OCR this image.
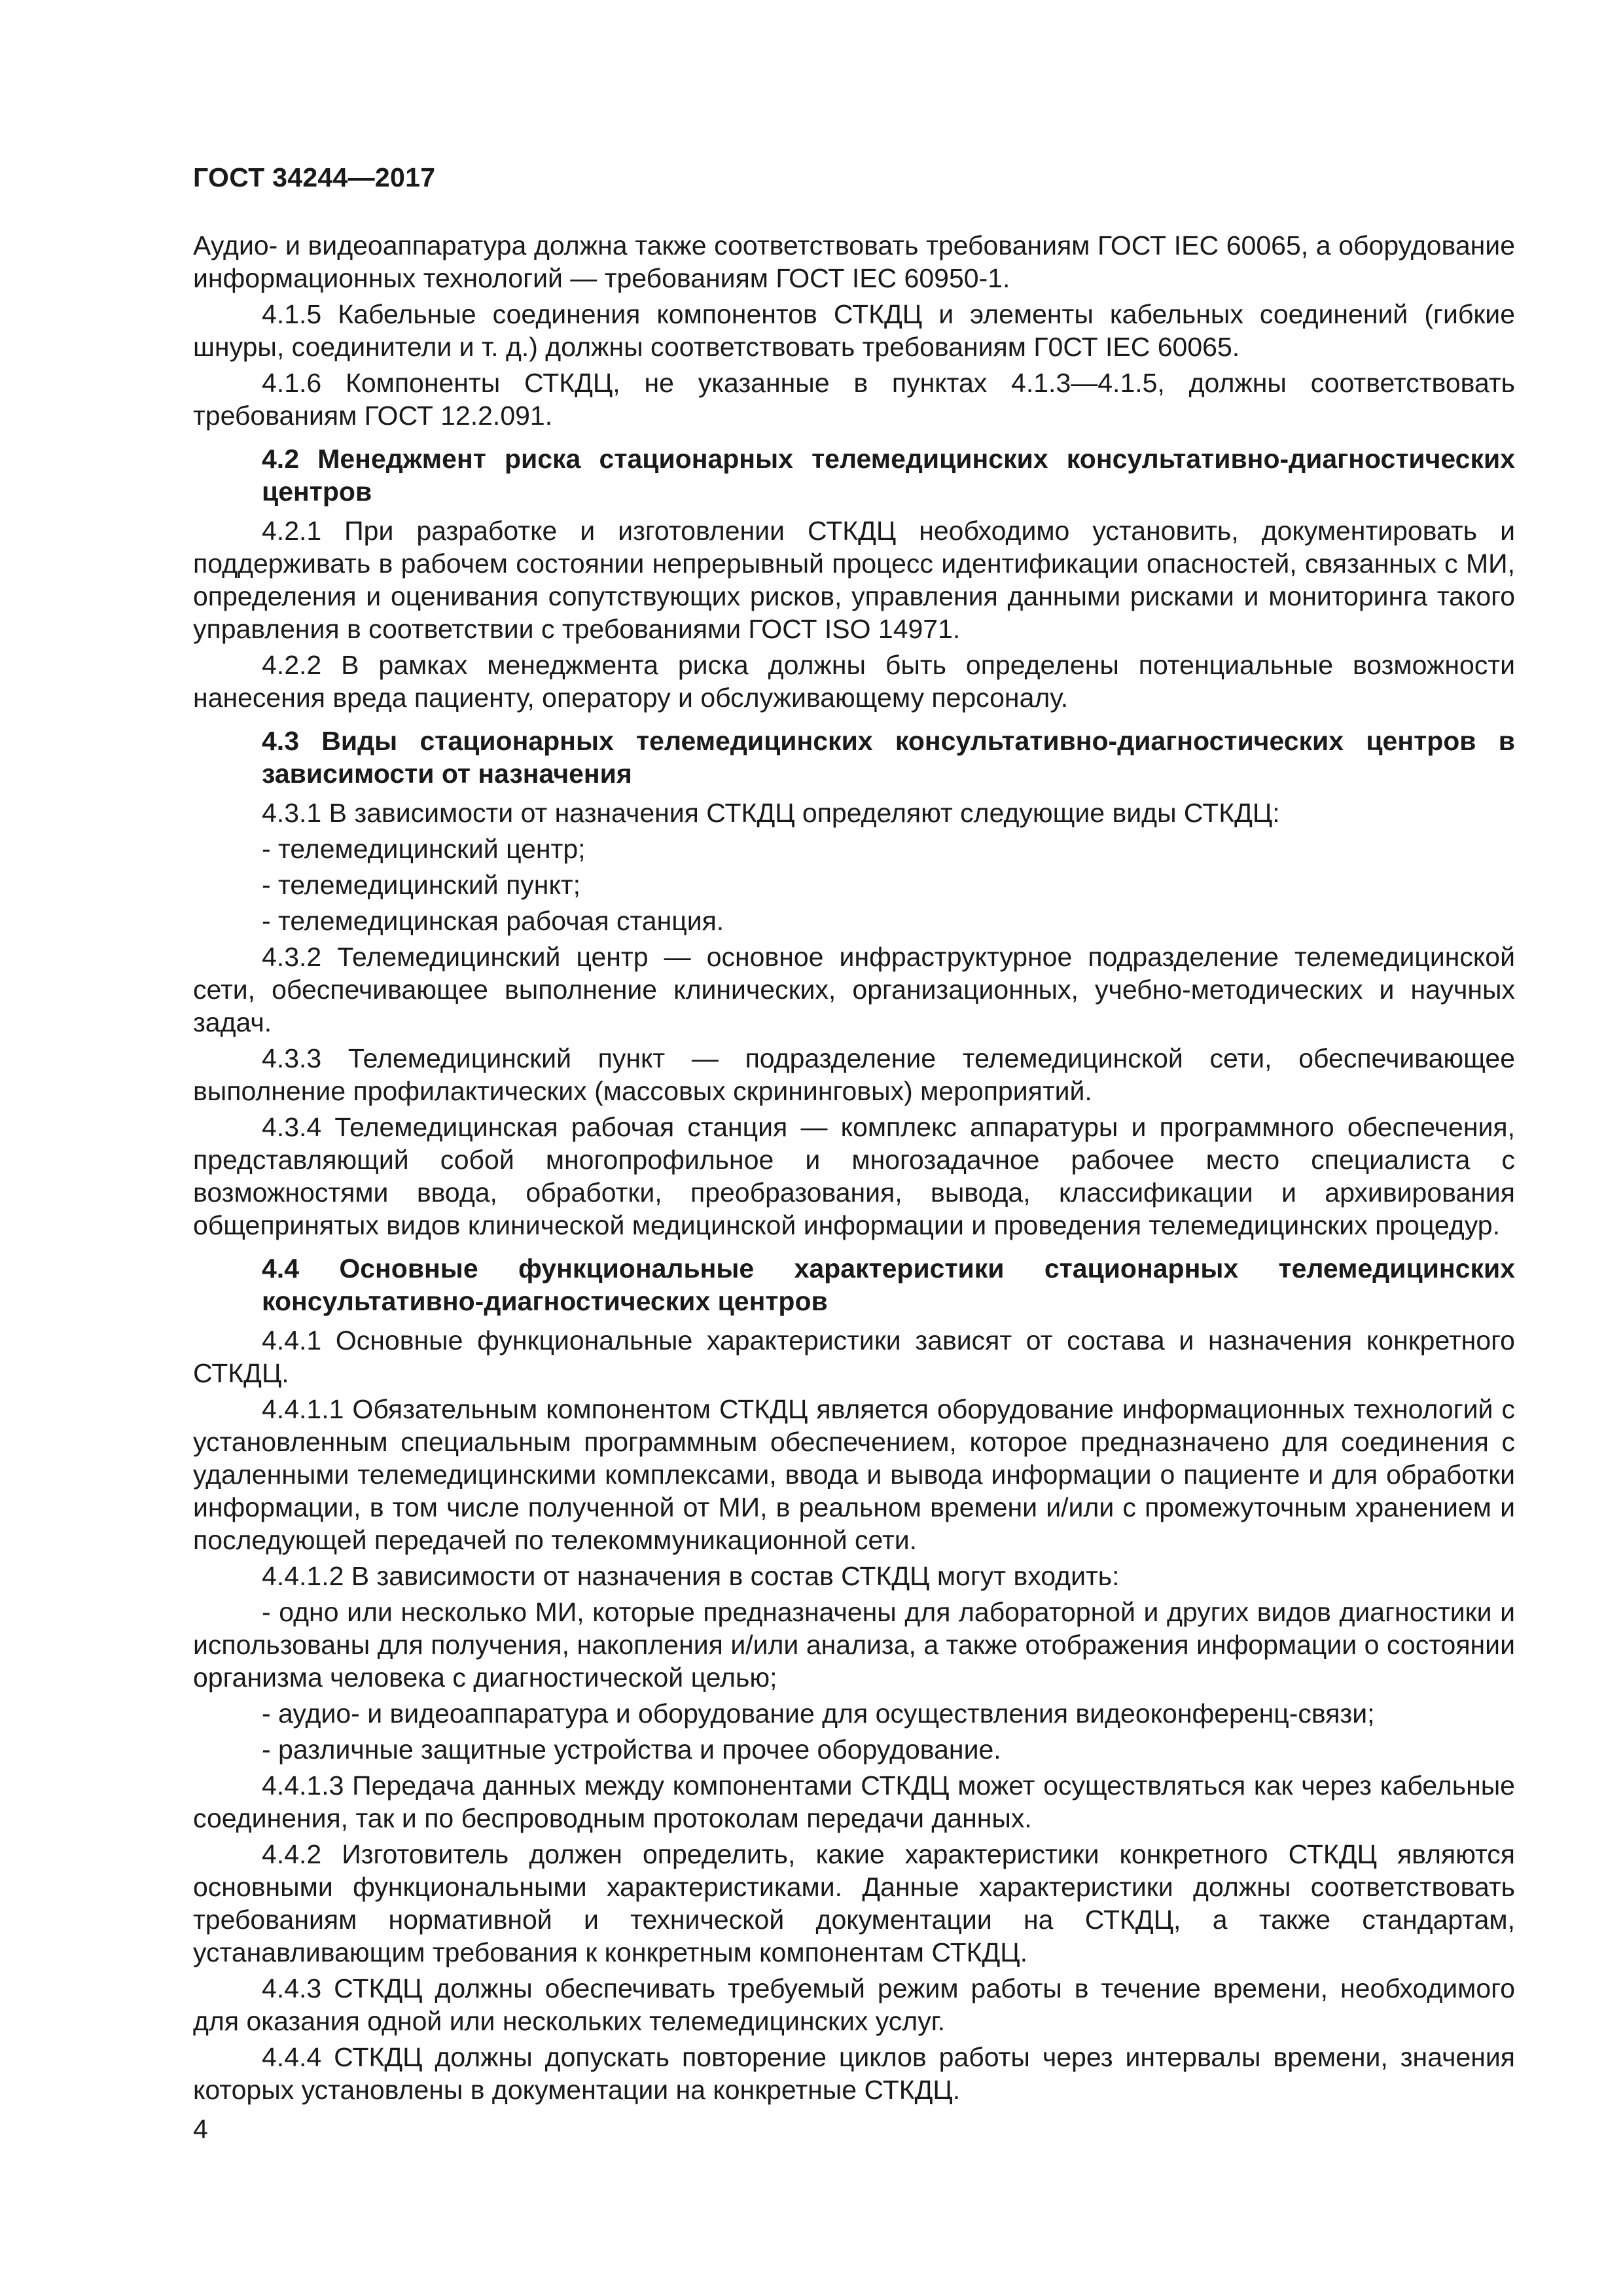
ГОСТ 34244—2017

Аудио- и видеоаппаратура должна также соответствовать требованиям ГОСТ IEC 60065, а оборудование информационных технологий — требованиям ГОСТ IEC 60950-1.

4.1.5 Кабельные соединения компонентов СТКДЦ и элементы кабельных соединений (гибкие шнуры, соединители и т. д.) должны соответствовать требованиям Г0СТ IEC 60065.

4.1.6 Компоненты СТКДЦ, не указанные в пунктах 4.1.3—4.1.5, должны соответствовать требованиям ГОСТ 12.2.091.

4.2 Менеджмент риска стационарных телемедицинских консультативно-диагностических центров

4.2.1 При разработке и изготовлении СТКДЦ необходимо установить, документировать и поддерживать в рабочем состоянии непрерывный процесс идентификации опасностей, связанных с МИ, определения и оценивания сопутствующих рисков, управления данными рисками и мониторинга такого управления в соответствии с требованиями ГОСТ ISO 14971.

4.2.2 В рамках менеджмента риска должны быть определены потенциальные возможности нанесения вреда пациенту, оператору и обслуживающему персоналу.

4.3 Виды стационарных телемедицинских консультативно-диагностических центров в зависимости от назначения

4.3.1 В зависимости от назначения СТКДЦ определяют следующие виды СТКДЦ:

- телемедицинский центр;

- телемедицинский пункт;

- телемедицинская рабочая станция.

4.3.2 Телемедицинский центр — основное инфраструктурное подразделение телемедицинской сети, обеспечивающее выполнение клинических, организационных, учебно-методических и научных задач.

4.3.3 Телемедицинский пункт — подразделение телемедицинской сети, обеспечивающее выполнение профилактических (массовых скрининговых) мероприятий.

4.3.4 Телемедицинская рабочая станция — комплекс аппаратуры и программного обеспечения, представляющий собой многопрофильное и многозадачное рабочее место специалиста с возможностями ввода, обработки, преобразования, вывода, классификации и архивирования общепринятых видов клинической медицинской информации и проведения телемедицинских процедур.

4.4 Основные функциональные характеристики стационарных телемедицинских консультативно-диагностических центров

4.4.1 Основные функциональные характеристики зависят от состава и назначения конкретного СТКДЦ.

4.4.1.1 Обязательным компонентом СТКДЦ является оборудование информационных технологий с установленным специальным программным обеспечением, которое предназначено для соединения с удаленными телемедицинскими комплексами, ввода и вывода информации о пациенте и для обработки информации, в том числе полученной от МИ, в реальном времени и/или с промежуточным хранением и последующей передачей по телекоммуникационной сети.

4.4.1.2 В зависимости от назначения в состав СТКДЦ могут входить:

- одно или несколько МИ, которые предназначены для лабораторной и других видов диагностики и использованы для получения, накопления и/или анализа, а также отображения информации о состоянии организма человека с диагностической целью;

- аудио- и видеоаппаратура и оборудование для осуществления видеоконференц-связи;

- различные защитные устройства и прочее оборудование.

4.4.1.3 Передача данных между компонентами СТКДЦ может осуществляться как через кабельные соединения, так и по беспроводным протоколам передачи данных.

4.4.2 Изготовитель должен определить, какие характеристики конкретного СТКДЦ являются основными функциональными характеристиками. Данные характеристики должны соответствовать требованиям нормативной и технической документации на СТКДЦ, а также стандартам, устанавливающим требования к конкретным компонентам СТКДЦ.

4.4.3 СТКДЦ должны обеспечивать требуемый режим работы в течение времени, необходимого для оказания одной или нескольких телемедицинских услуг.

4.4.4 СТКДЦ должны допускать повторение циклов работы через интервалы времени, значения которых установлены в документации на конкретные СТКДЦ.

4
